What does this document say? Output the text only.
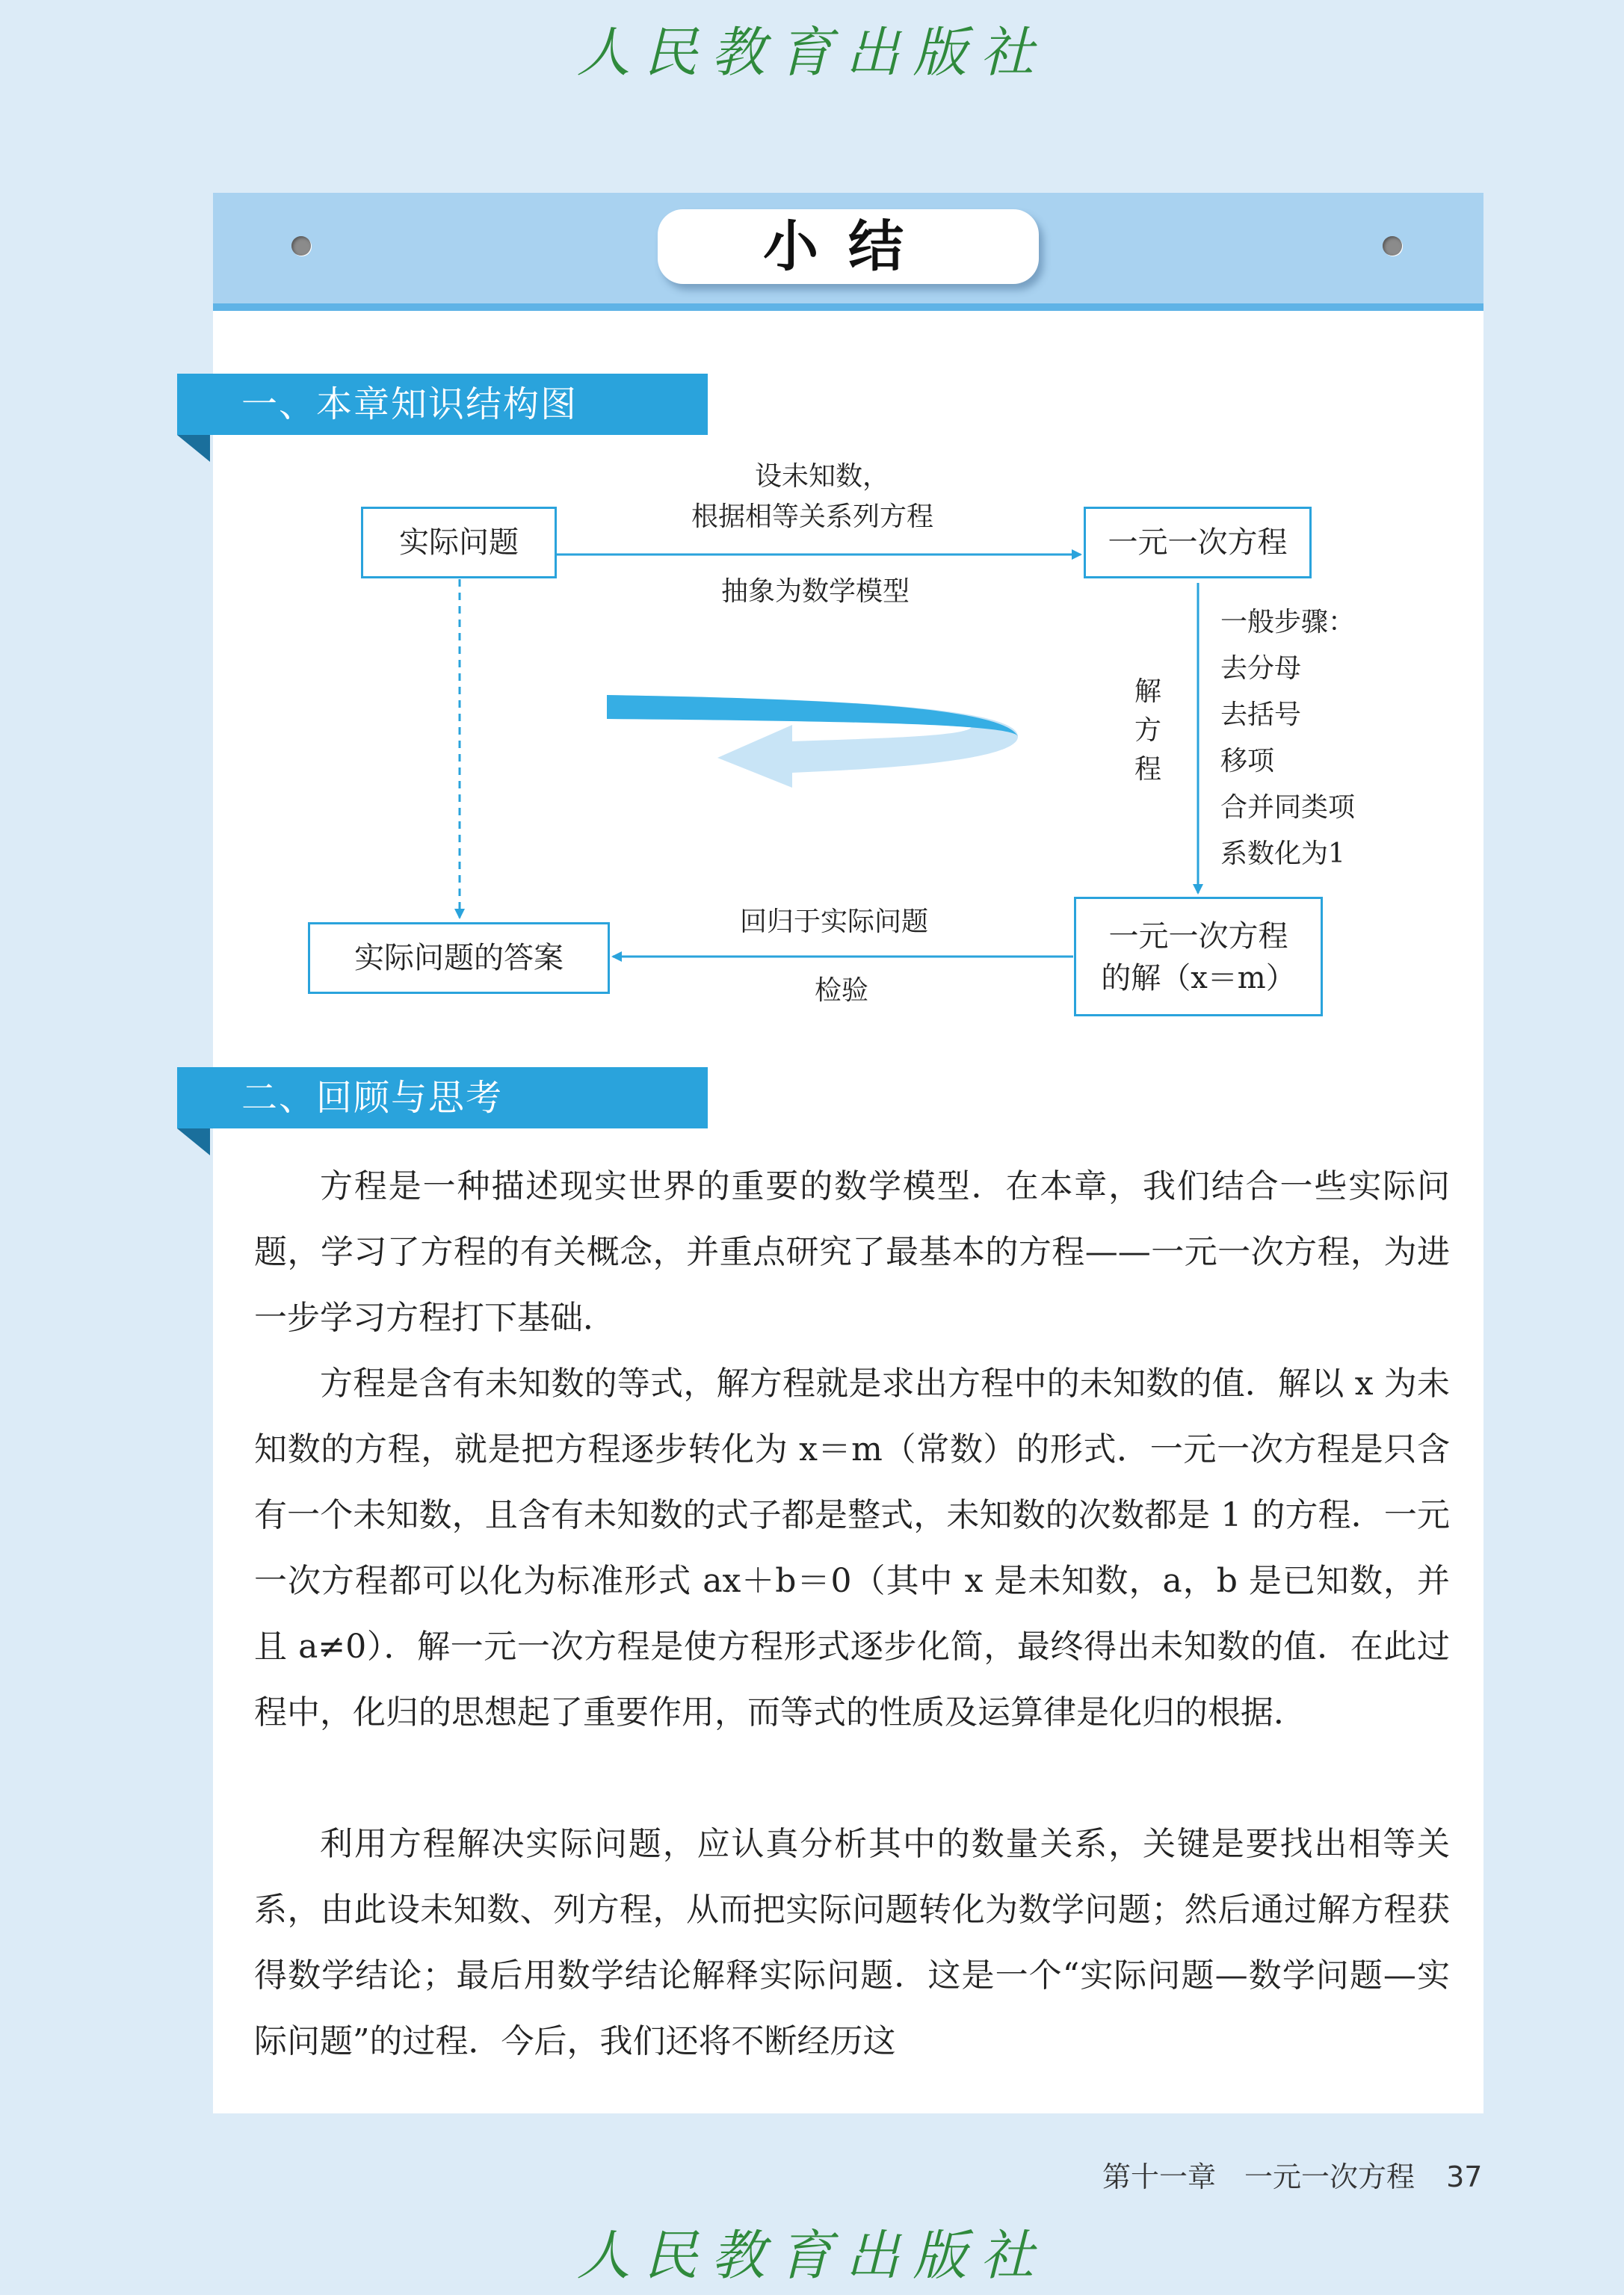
人民教育出版社
小结
一、本章知识结构图
实际问题	一元一次方程
实际问题的答案
一元一次方程
的解（x＝m）
设未知数，
根据相等关系列方程
抽象为数学模型
解
方
程
一般步骤：
去分母
去括号
移项
合并同类项
系数化为1
回归于实际问题
检验
二、回顾与思考

方程是一种描述现实世界的重要的数学模型．在本章，我们结合一些实际问题，学习了方程的有关概念，并重点研究了最基本的方程——一元一次方程，为进一步学习方程打下基础．

方程是含有未知数的等式，解方程就是求出方程中的未知数的值．解以 x 为未知数的方程，就是把方程逐步转化为 x＝m（常数）的形式．一元一次方程是只含有一个未知数，且含有未知数的式子都是整式，未知数的次数都是 1 的方程．一元一次方程都可以化为标准形式 ax＋b＝0（其中 x 是未知数，a，b 是已知数，并且 a≠0）．解一元一次方程是使方程形式逐步化简，最终得出未知数的值．在此过程中，化归的思想起了重要作用，而等式的性质及运算律是化归的根据．

利用方程解决实际问题，应认真分析其中的数量关系，关键是要找出相等关系，由此设未知数、列方程，从而把实际问题转化为数学问题；然后通过解方程获得数学结论；最后用数学结论解释实际问题．这是一个“实际问题—数学问题—实际问题”的过程．今后，我们还将不断经历这

第十一章　一元一次方程 37
人民教育出版社
